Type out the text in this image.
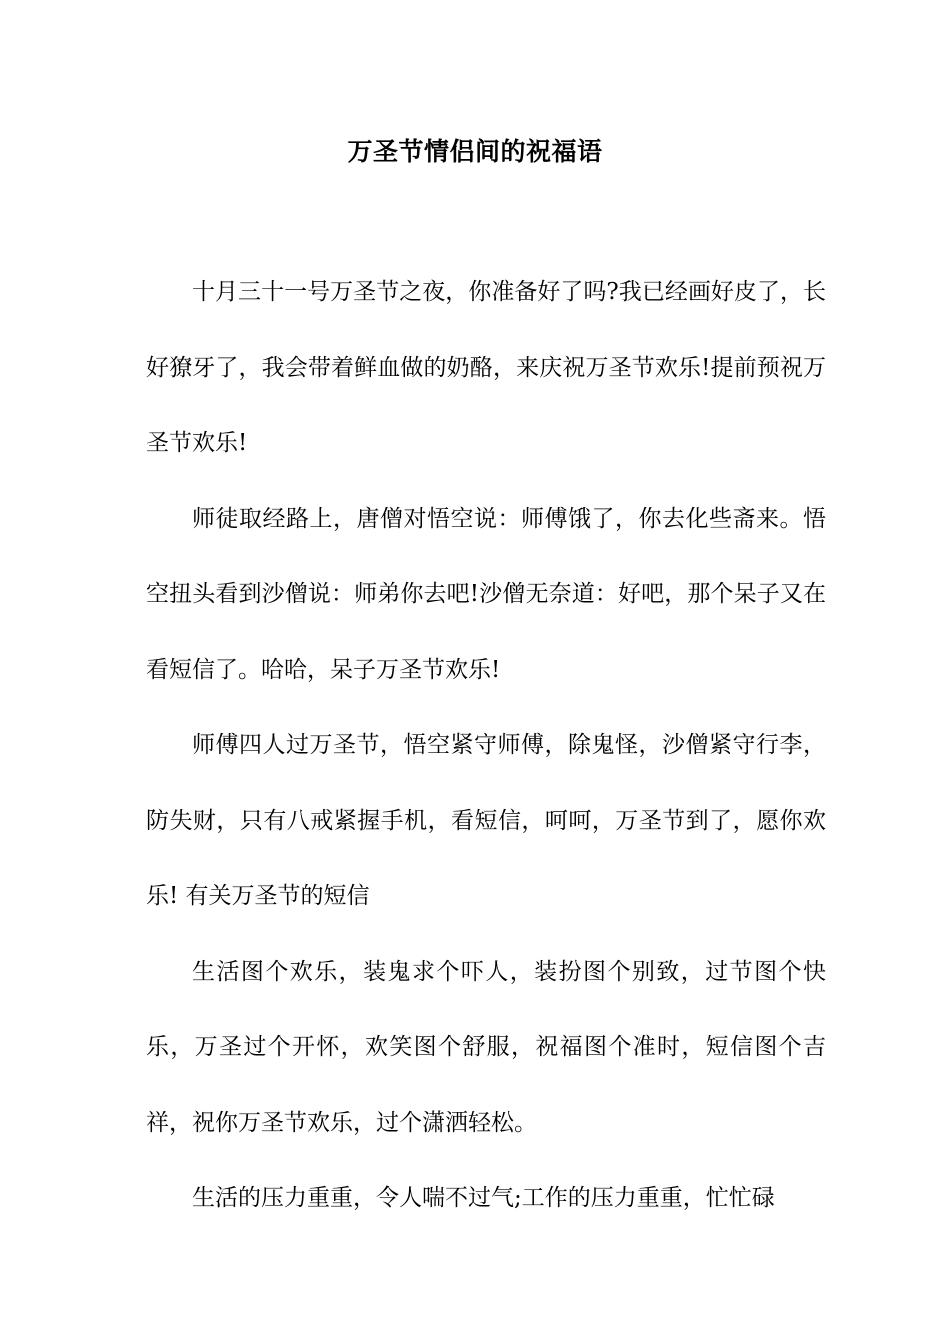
万圣节情侣间的祝福语

十月三十一号万圣节之夜，你准备好了吗?我已经画好皮了，长好獠牙了，我会带着鲜血做的奶酪，来庆祝万圣节欢乐!提前预祝万圣节欢乐!

师徒取经路上，唐僧对悟空说：师傅饿了，你去化些斋来。悟空扭头看到沙僧说：师弟你去吧!沙僧无奈道：好吧，那个呆子又在看短信了。哈哈，呆子万圣节欢乐!

师傅四人过万圣节，悟空紧守师傅，除鬼怪，沙僧紧守行李，防失财，只有八戒紧握手机，看短信，呵呵，万圣节到了，愿你欢乐! 有关万圣节的短信

生活图个欢乐，装鬼求个吓人，装扮图个别致，过节图个快乐，万圣过个开怀，欢笑图个舒服，祝福图个准时，短信图个吉祥，祝你万圣节欢乐，过个潇洒轻松。

生活的压力重重，令人喘不过气;工作的压力重重，忙忙碌
